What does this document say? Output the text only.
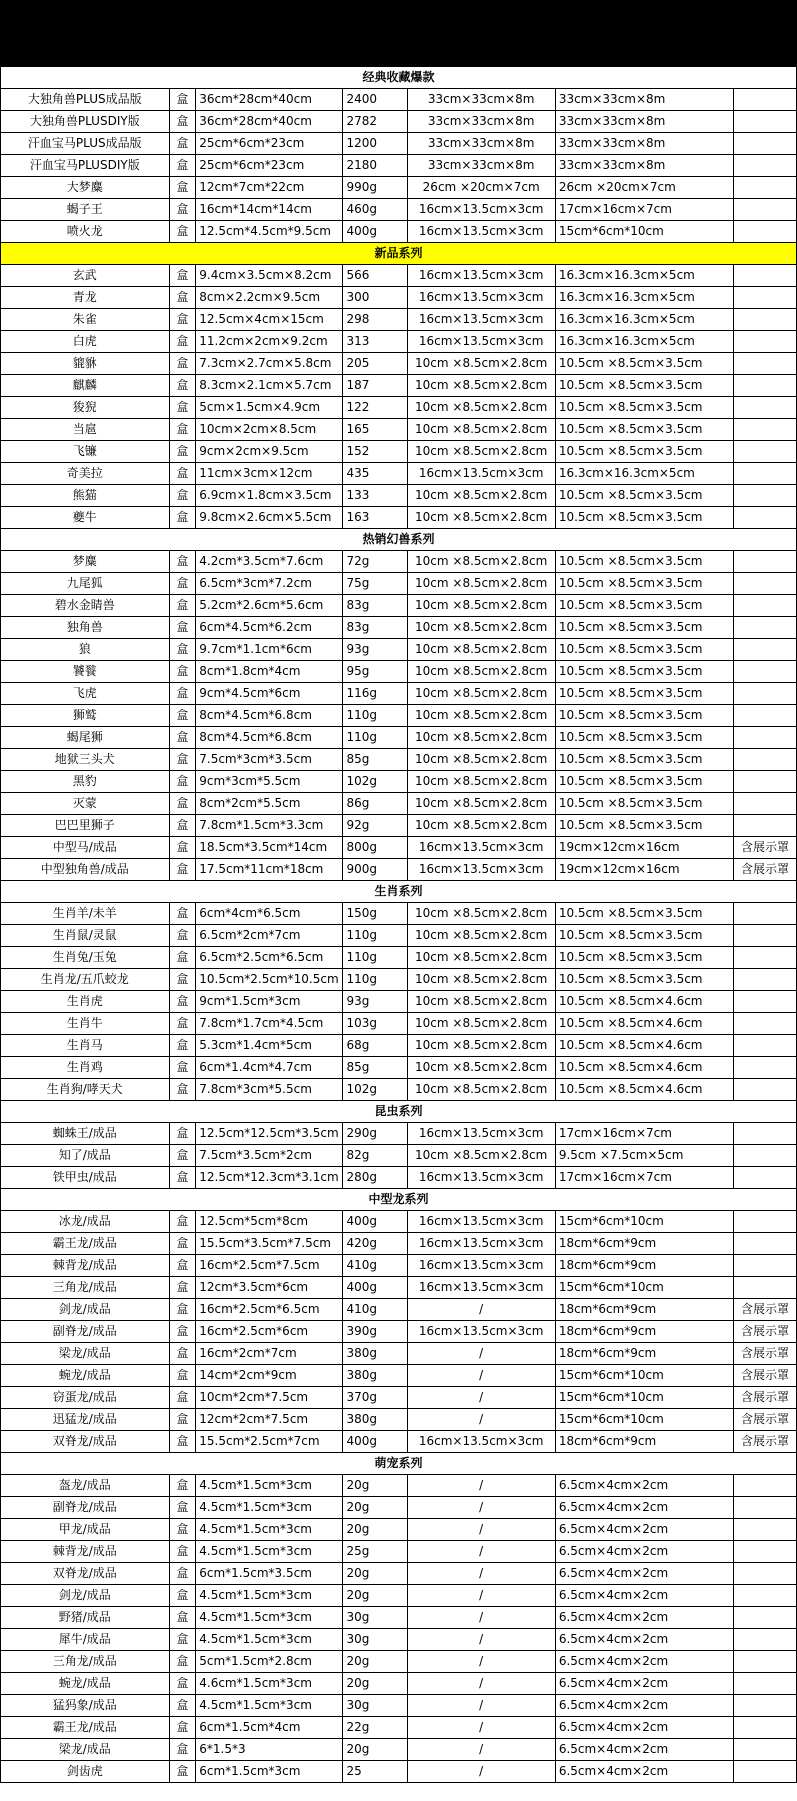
钢魔兽产品信息						
产品名称	单位	产品尺寸约	毛重约g	产品包装尺寸		备注
				DIY版(长×宽×高)	成品版(长×宽×高)	
经典收藏爆款						
大独角兽PLUS成品版	盒	36cm*28cm*40cm	2400	33cm×33cm×8m	33cm×33cm×8m	
大独角兽PLUSDIY版	盒	36cm*28cm*40cm	2782	33cm×33cm×8m	33cm×33cm×8m	
汗血宝马PLUS成品版	盒	25cm*6cm*23cm	1200	33cm×33cm×8m	33cm×33cm×8m	
汗血宝马PLUSDIY版	盒	25cm*6cm*23cm	2180	33cm×33cm×8m	33cm×33cm×8m	
大梦麋	盒	12cm*7cm*22cm	990g	26cm ×20cm×7cm	26cm ×20cm×7cm	
蝎子王	盒	16cm*14cm*14cm	460g	16cm×13.5cm×3cm	17cm×16cm×7cm	
喷火龙	盒	12.5cm*4.5cm*9.5cm	400g	16cm×13.5cm×3cm	15cm*6cm*10cm	
新品系列						
玄武	盒	9.4cm×3.5cm×8.2cm	566	16cm×13.5cm×3cm	16.3cm×16.3cm×5cm	
青龙	盒	8cm×2.2cm×9.5cm	300	16cm×13.5cm×3cm	16.3cm×16.3cm×5cm	
朱雀	盒	12.5cm×4cm×15cm	298	16cm×13.5cm×3cm	16.3cm×16.3cm×5cm	
白虎	盒	11.2cm×2cm×9.2cm	313	16cm×13.5cm×3cm	16.3cm×16.3cm×5cm	
貔貅	盒	7.3cm×2.7cm×5.8cm	205	10cm ×8.5cm×2.8cm	10.5cm ×8.5cm×3.5cm	
麒麟	盒	8.3cm×2.1cm×5.7cm	187	10cm ×8.5cm×2.8cm	10.5cm ×8.5cm×3.5cm	
狻猊	盒	5cm×1.5cm×4.9cm	122	10cm ×8.5cm×2.8cm	10.5cm ×8.5cm×3.5cm	
当扈	盒	10cm×2cm×8.5cm	165	10cm ×8.5cm×2.8cm	10.5cm ×8.5cm×3.5cm	
飞镰	盒	9cm×2cm×9.5cm	152	10cm ×8.5cm×2.8cm	10.5cm ×8.5cm×3.5cm	
奇美拉	盒	11cm×3cm×12cm	435	16cm×13.5cm×3cm	16.3cm×16.3cm×5cm	
熊猫	盒	6.9cm×1.8cm×3.5cm	133	10cm ×8.5cm×2.8cm	10.5cm ×8.5cm×3.5cm	
夔牛	盒	9.8cm×2.6cm×5.5cm	163	10cm ×8.5cm×2.8cm	10.5cm ×8.5cm×3.5cm	
热销幻兽系列						
梦麋	盒	4.2cm*3.5cm*7.6cm	72g	10cm ×8.5cm×2.8cm	10.5cm ×8.5cm×3.5cm	
九尾狐	盒	6.5cm*3cm*7.2cm	75g	10cm ×8.5cm×2.8cm	10.5cm ×8.5cm×3.5cm	
碧水金睛兽	盒	5.2cm*2.6cm*5.6cm	83g	10cm ×8.5cm×2.8cm	10.5cm ×8.5cm×3.5cm	
独角兽	盒	6cm*4.5cm*6.2cm	83g	10cm ×8.5cm×2.8cm	10.5cm ×8.5cm×3.5cm	
狼	盒	9.7cm*1.1cm*6cm	93g	10cm ×8.5cm×2.8cm	10.5cm ×8.5cm×3.5cm	
饕餮	盒	8cm*1.8cm*4cm	95g	10cm ×8.5cm×2.8cm	10.5cm ×8.5cm×3.5cm	
飞虎	盒	9cm*4.5cm*6cm	116g	10cm ×8.5cm×2.8cm	10.5cm ×8.5cm×3.5cm	
狮鹫	盒	8cm*4.5cm*6.8cm	110g	10cm ×8.5cm×2.8cm	10.5cm ×8.5cm×3.5cm	
蝎尾狮	盒	8cm*4.5cm*6.8cm	110g	10cm ×8.5cm×2.8cm	10.5cm ×8.5cm×3.5cm	
地狱三头犬	盒	7.5cm*3cm*3.5cm	85g	10cm ×8.5cm×2.8cm	10.5cm ×8.5cm×3.5cm	
黑豹	盒	9cm*3cm*5.5cm	102g	10cm ×8.5cm×2.8cm	10.5cm ×8.5cm×3.5cm	
灭蒙	盒	8cm*2cm*5.5cm	86g	10cm ×8.5cm×2.8cm	10.5cm ×8.5cm×3.5cm	
巴巴里狮子	盒	7.8cm*1.5cm*3.3cm	92g	10cm ×8.5cm×2.8cm	10.5cm ×8.5cm×3.5cm	
中型马/成品	盒	18.5cm*3.5cm*14cm	800g	16cm×13.5cm×3cm	19cm×12cm×16cm	含展示罩
中型独角兽/成品	盒	17.5cm*11cm*18cm	900g	16cm×13.5cm×3cm	19cm×12cm×16cm	含展示罩
生肖系列						
生肖羊/未羊	盒	6cm*4cm*6.5cm	150g	10cm ×8.5cm×2.8cm	10.5cm ×8.5cm×3.5cm	
生肖鼠/灵鼠	盒	6.5cm*2cm*7cm	110g	10cm ×8.5cm×2.8cm	10.5cm ×8.5cm×3.5cm	
生肖兔/玉兔	盒	6.5cm*2.5cm*6.5cm	110g	10cm ×8.5cm×2.8cm	10.5cm ×8.5cm×3.5cm	
生肖龙/五爪蛟龙	盒	10.5cm*2.5cm*10.5cm	110g	10cm ×8.5cm×2.8cm	10.5cm ×8.5cm×3.5cm	
生肖虎	盒	9cm*1.5cm*3cm	93g	10cm ×8.5cm×2.8cm	10.5cm ×8.5cm×4.6cm	
生肖牛	盒	7.8cm*1.7cm*4.5cm	103g	10cm ×8.5cm×2.8cm	10.5cm ×8.5cm×4.6cm	
生肖马	盒	5.3cm*1.4cm*5cm	68g	10cm ×8.5cm×2.8cm	10.5cm ×8.5cm×4.6cm	
生肖鸡	盒	6cm*1.4cm*4.7cm	85g	10cm ×8.5cm×2.8cm	10.5cm ×8.5cm×4.6cm	
生肖狗/哮天犬	盒	7.8cm*3cm*5.5cm	102g	10cm ×8.5cm×2.8cm	10.5cm ×8.5cm×4.6cm	
昆虫系列						
蜘蛛王/成品	盒	12.5cm*12.5cm*3.5cm	290g	16cm×13.5cm×3cm	17cm×16cm×7cm	
知了/成品	盒	7.5cm*3.5cm*2cm	82g	10cm ×8.5cm×2.8cm	9.5cm ×7.5cm×5cm	
铁甲虫/成品	盒	12.5cm*12.3cm*3.1cm	280g	16cm×13.5cm×3cm	17cm×16cm×7cm	
中型龙系列						
冰龙/成品	盒	12.5cm*5cm*8cm	400g	16cm×13.5cm×3cm	15cm*6cm*10cm	
霸王龙/成品	盒	15.5cm*3.5cm*7.5cm	420g	16cm×13.5cm×3cm	18cm*6cm*9cm	
棘背龙/成品	盒	16cm*2.5cm*7.5cm	410g	16cm×13.5cm×3cm	18cm*6cm*9cm	
三角龙/成品	盒	12cm*3.5cm*6cm	400g	16cm×13.5cm×3cm	15cm*6cm*10cm	
剑龙/成品	盒	16cm*2.5cm*6.5cm	410g	/	18cm*6cm*9cm	含展示罩
副脊龙/成品	盒	16cm*2.5cm*6cm	390g	16cm×13.5cm×3cm	18cm*6cm*9cm	含展示罩
梁龙/成品	盒	16cm*2cm*7cm	380g	/	18cm*6cm*9cm	含展示罩
蜿龙/成品	盒	14cm*2cm*9cm	380g	/	15cm*6cm*10cm	含展示罩
窃蛋龙/成品	盒	10cm*2cm*7.5cm	370g	/	15cm*6cm*10cm	含展示罩
迅猛龙/成品	盒	12cm*2cm*7.5cm	380g	/	15cm*6cm*10cm	含展示罩
双脊龙/成品	盒	15.5cm*2.5cm*7cm	400g	16cm×13.5cm×3cm	18cm*6cm*9cm	含展示罩
萌宠系列						
盔龙/成品	盒	4.5cm*1.5cm*3cm	20g	/	6.5cm×4cm×2cm	
副脊龙/成品	盒	4.5cm*1.5cm*3cm	20g	/	6.5cm×4cm×2cm	
甲龙/成品	盒	4.5cm*1.5cm*3cm	20g	/	6.5cm×4cm×2cm	
棘背龙/成品	盒	4.5cm*1.5cm*3cm	25g	/	6.5cm×4cm×2cm	
双脊龙/成品	盒	6cm*1.5cm*3.5cm	20g	/	6.5cm×4cm×2cm	
剑龙/成品	盒	4.5cm*1.5cm*3cm	20g	/	6.5cm×4cm×2cm	
野猪/成品	盒	4.5cm*1.5cm*3cm	30g	/	6.5cm×4cm×2cm	
犀牛/成品	盒	4.5cm*1.5cm*3cm	30g	/	6.5cm×4cm×2cm	
三角龙/成品	盒	5cm*1.5cm*2.8cm	20g	/	6.5cm×4cm×2cm	
蜿龙/成品	盒	4.6cm*1.5cm*3cm	20g	/	6.5cm×4cm×2cm	
猛犸象/成品	盒	4.5cm*1.5cm*3cm	30g	/	6.5cm×4cm×2cm	
霸王龙/成品	盒	6cm*1.5cm*4cm	22g	/	6.5cm×4cm×2cm	
梁龙/成品	盒	6*1.5*3	20g	/	6.5cm×4cm×2cm	
剑齿虎	盒	6cm*1.5cm*3cm	25	/	6.5cm×4cm×2cm	
